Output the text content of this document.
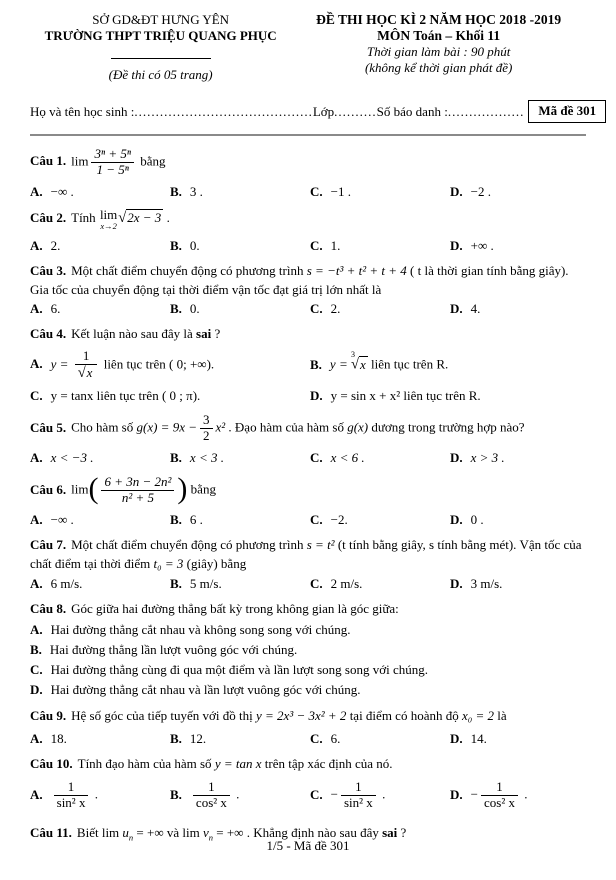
SỞ GD&ĐT HƯNG YÊN
TRƯỜNG THPT TRIỆU QUANG PHỤC
(Đề thi có 05 trang)
ĐỀ THI HỌC KÌ 2 NĂM HỌC 2018 -2019
MÔN Toán – Khối 11
Thời gian làm bài : 90 phút
(không kể thời gian phát đề)
Họ và tên học sinh : .......................................... Lớp .......... Số báo danh : ..................	Mã đề 301
Câu 1. $\lim \frac{\text{3ⁿ + 5ⁿ}}{\text{1 − 5ⁿ}}$ bằng
A. −∞ .	B. 3 .	C. −1 .	D. −2 .
Câu 2. Tính lim
x→2 √2x − 3 .
A. 2.	B. 0.	C. 1.	D. +∞ .
Câu 3. Một chất điểm chuyển động có phương trình s = −t³ + t² + t + 4 ( t là thời gian tính bằng giây). Gia tốc của chuyển động tại thời điểm vận tốc đạt giá trị lớn nhất là
A. 6.	B. 0.	C. 2.	D. 4.
Câu 4. Kết luận nào sau đây là sai ?
A. $y = \frac{1}{√x}$ liên tục trên ( 0; +∞).	B. y = $^3$√x liên tục trên R.
C. y = tanx liên tục trên ( 0 ; π).	D. y = sin x + x² liên tục trên R.
Câu 5. Cho hàm số $g(x) = 9x - \frac{3}{2} x^2$ . Đạo hàm của hàm số g(x) dương trong trường hợp nào?
A. x < −3 .	B. x < 3 .	C. x < 6 .	D. x > 3 .
Câu 6. $\lim( \frac{\text{6 + 3n − 2n²}}{\text{n² + 5}}$ ) bằng
A. −∞ .	B. 6 .	C. −2.	D. 0 .
Câu 7. Một chất điểm chuyển động có phương trình s = t² (t tính bằng giây, s tính bằng mét). Vận tốc của chất điểm tại thời điểm t₀ = 3 (giây) bằng
A. 6 m/s.	B. 5 m/s.	C. 2 m/s.	D. 3 m/s.
Câu 8. Góc giữa hai đường thẳng bất kỳ trong không gian là góc giữa:
A. Hai đường thẳng cắt nhau và không song song với chúng.
B. Hai đường thẳng lần lượt vuông góc với chúng.
C. Hai đường thẳng cùng đi qua một điểm và lần lượt song song với chúng.
D. Hai đường thẳng cắt nhau và lần lượt vuông góc với chúng.
Câu 9. Hệ số góc của tiếp tuyến với đồ thị y = 2x³ − 3x² + 2 tại điểm có hoành độ x₀ = 2 là
A. 18.	B. 12.	C. 6.	D. 14.
Câu 10. Tính đạo hàm của hàm số y = tan x trên tập xác định của nó.
A. $\frac{1}{\text{sin² x}}$ .	B. $\frac{1}{\text{cos² x}}$ .	C. − $\frac{1}{\text{sin² x}}$ .	D. − $\frac{1}{\text{cos² x}}$ .
Câu 11. Biết $\lim u_n$ = +∞ và $\lim v_n$ = +∞ . Khẳng định nào sau đây sai ?
1/5 - Mã đề 301
